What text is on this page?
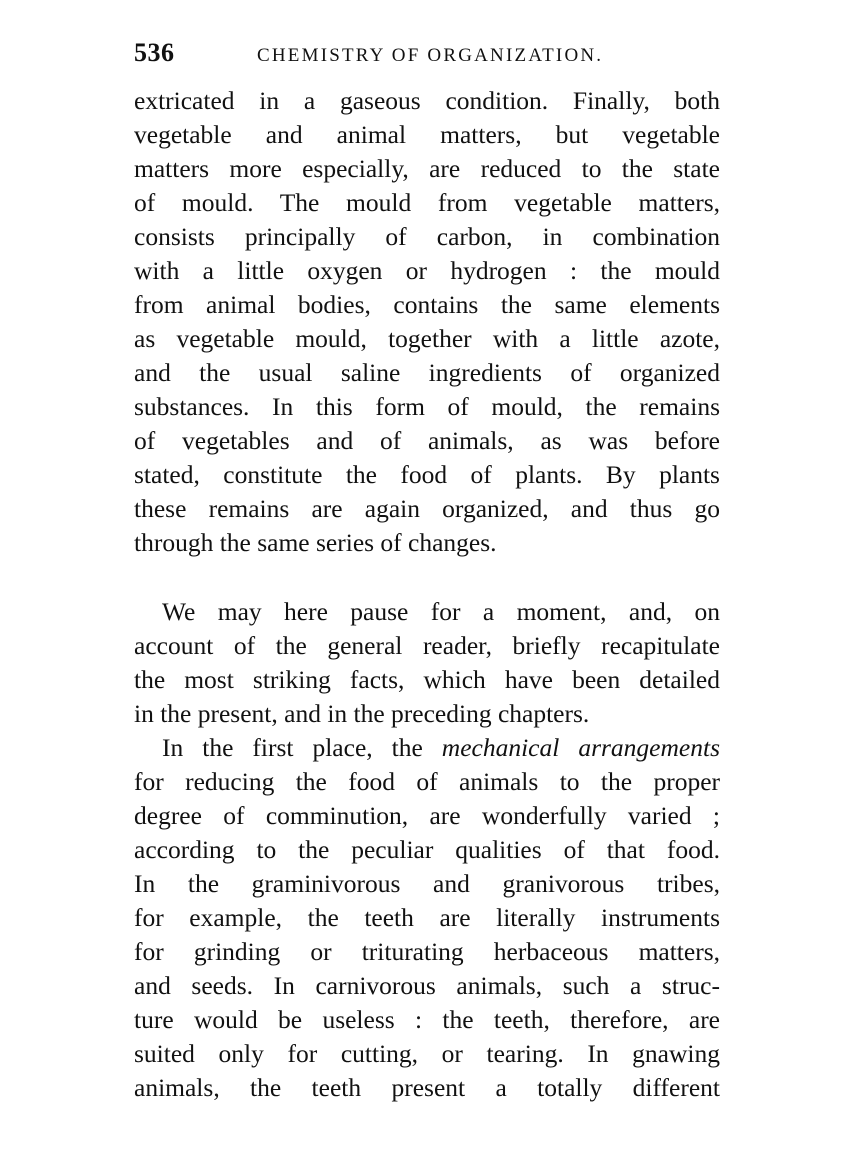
536	CHEMISTRY OF ORGANIZATION.
extricated in a gaseous condition. Finally, both
vegetable and animal matters, but vegetable
matters more especially, are reduced to the state
of mould. The mould from vegetable matters,
consists principally of carbon, in combination
with a little oxygen or hydrogen : the mould
from animal bodies, contains the same elements
as vegetable mould, together with a little azote,
and the usual saline ingredients of organized
substances. In this form of mould, the remains
of vegetables and of animals, as was before
stated, constitute the food of plants. By plants
these remains are again organized, and thus go
through the same series of changes.
We may here pause for a moment, and, on
account of the general reader, briefly recapitulate
the most striking facts, which have been detailed
in the present, and in the preceding chapters.
In the first place, the mechanical arrangements
for reducing the food of animals to the proper
degree of comminution, are wonderfully varied ;
according to the peculiar qualities of that food.
In the graminivorous and granivorous tribes,
for example, the teeth are literally instruments
for grinding or triturating herbaceous matters,
and seeds. In carnivorous animals, such a struc-
ture would be useless : the teeth, therefore, are
suited only for cutting, or tearing. In gnawing
animals, the teeth present a totally different
